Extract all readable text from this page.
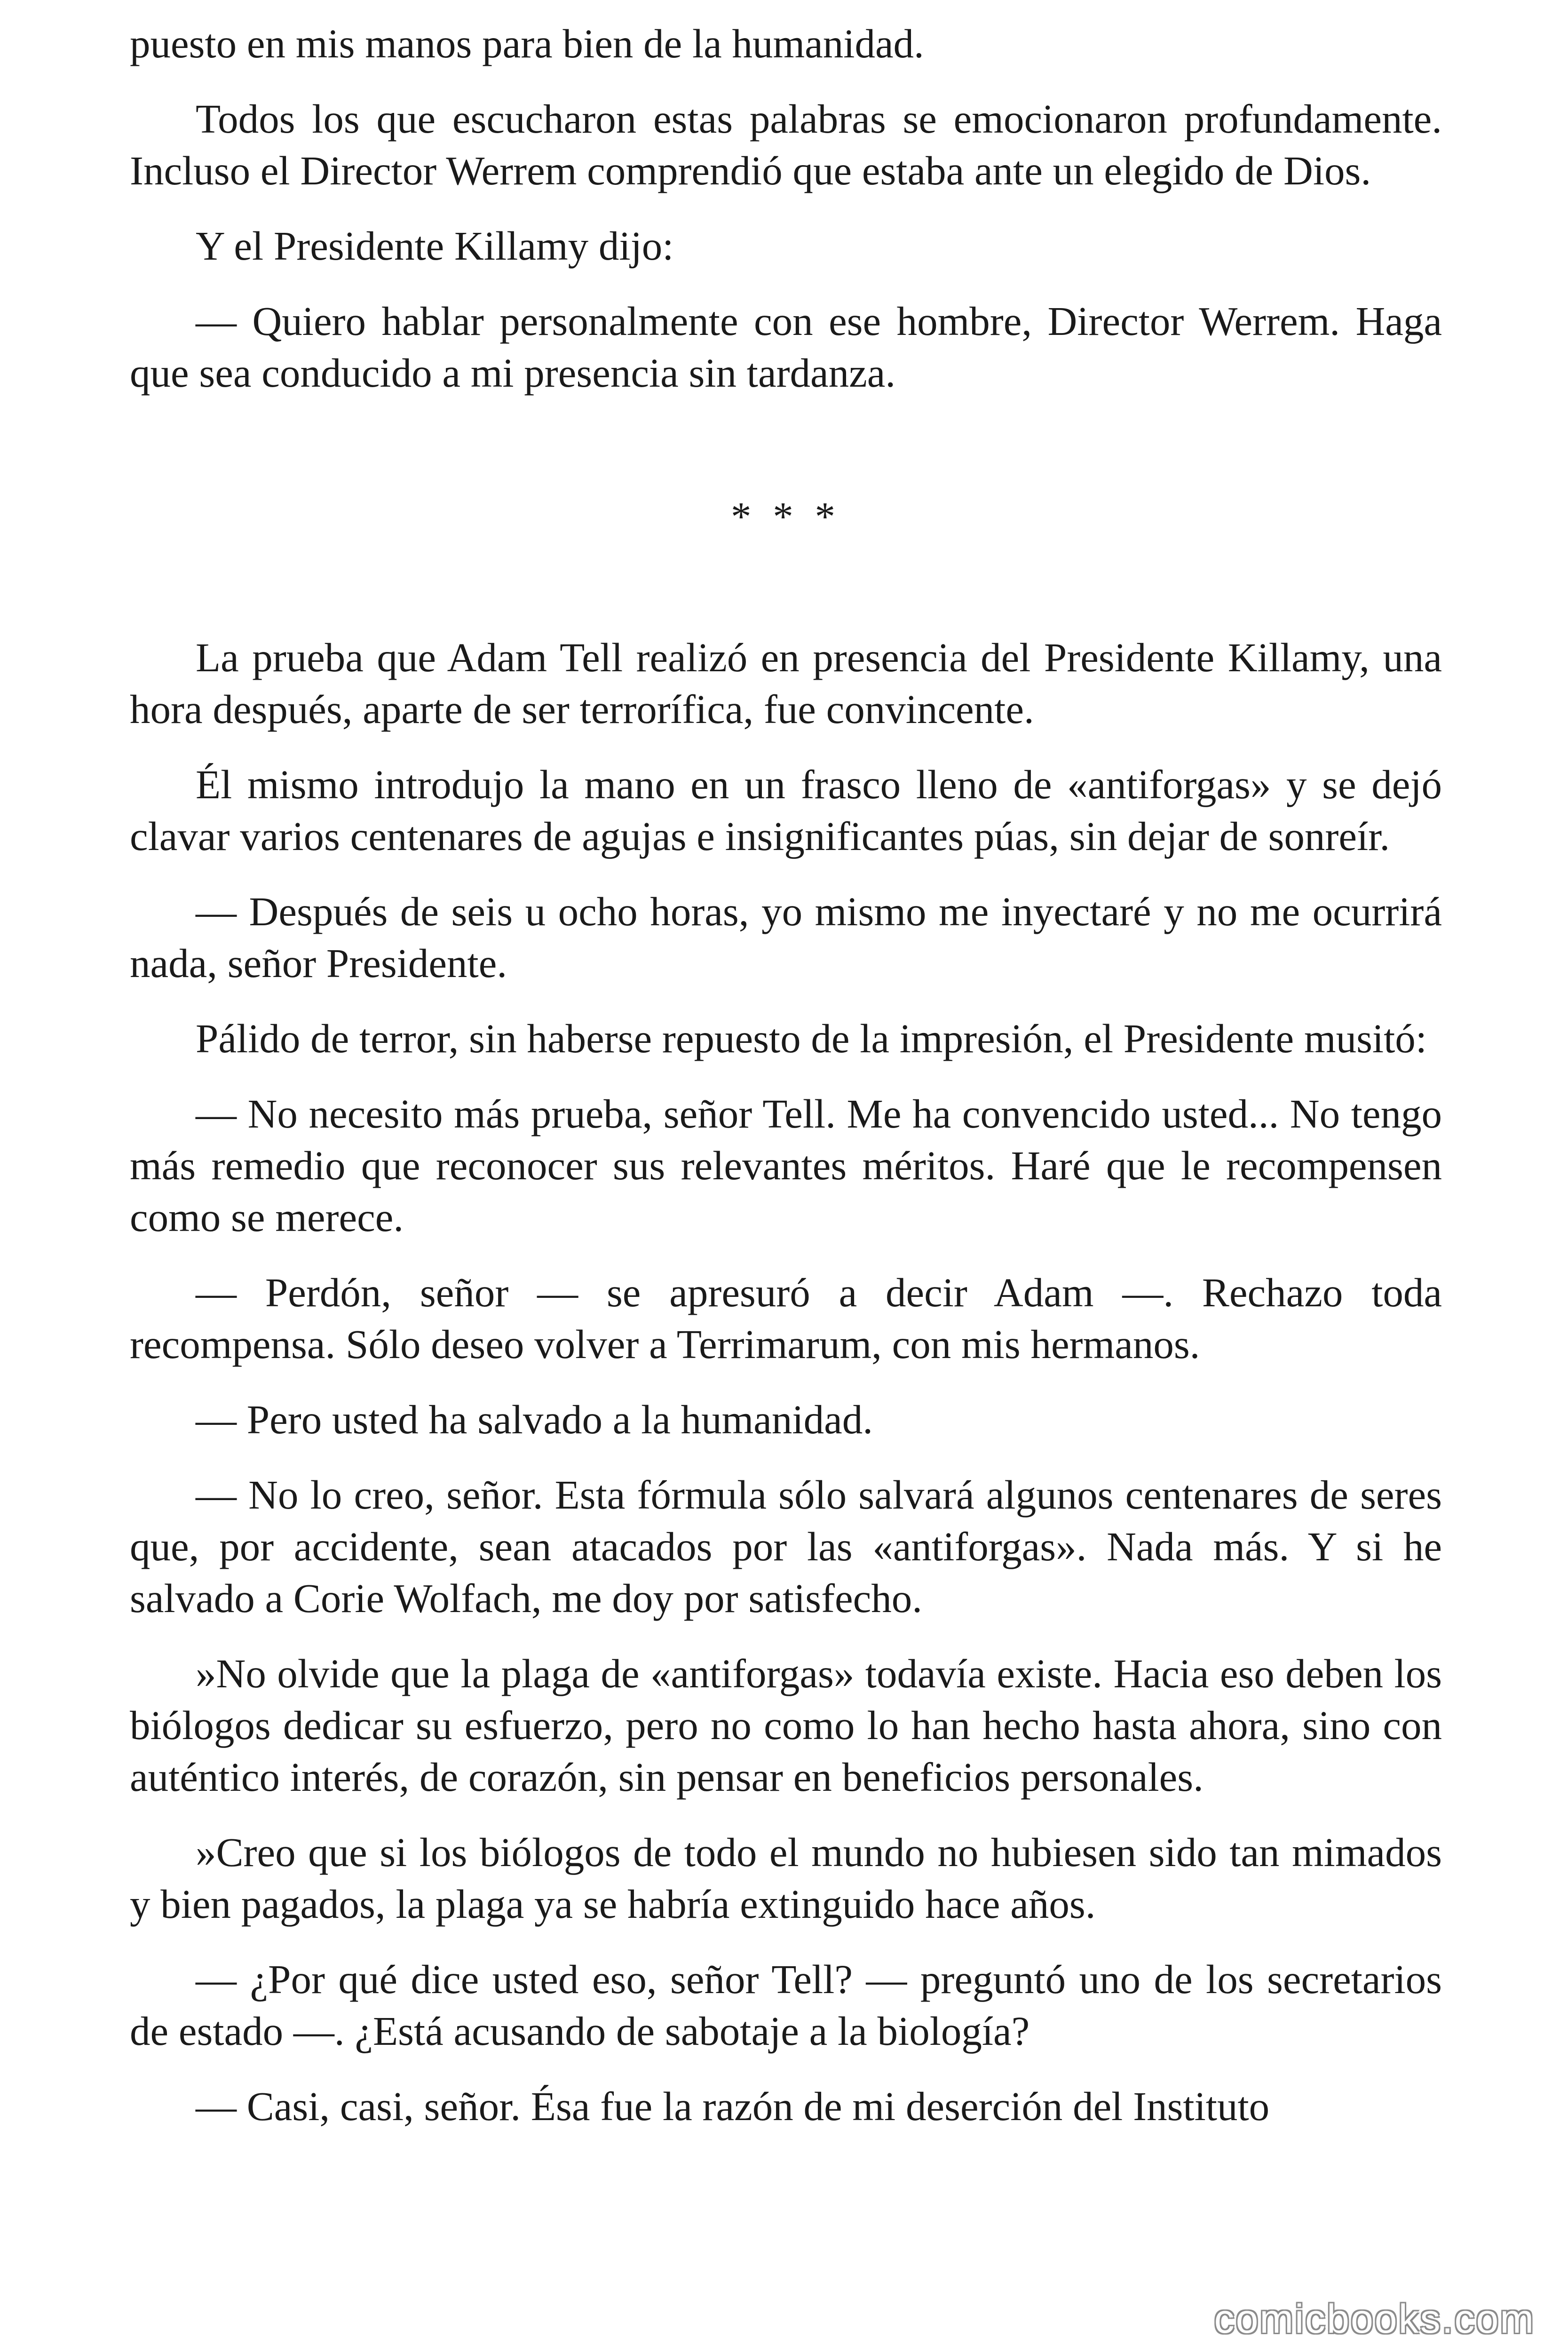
puesto en mis manos para bien de la humanidad.

Todos los que escucharon estas palabras se emocionaron profundamente. Incluso el Director Werrem comprendió que estaba ante un elegido de Dios.

Y el Presidente Killamy dijo:

— Quiero hablar personalmente con ese hombre, Director Werrem. Haga que sea conducido a mi presencia sin tardanza.

* * *

La prueba que Adam Tell realizó en presencia del Presidente Killamy, una hora después, aparte de ser terrorífica, fue convincente.

Él mismo introdujo la mano en un frasco lleno de «antiforgas» y se dejó clavar varios centenares de agujas e insignificantes púas, sin dejar de sonreír.

— Después de seis u ocho horas, yo mismo me inyectaré y no me ocurrirá nada, señor Presidente.

Pálido de terror, sin haberse repuesto de la impresión, el Presidente musitó:

— No necesito más prueba, señor Tell. Me ha convencido usted... No tengo más remedio que reconocer sus relevantes méritos. Haré que le recompensen como se merece.

— Perdón, señor — se apresuró a decir Adam —. Rechazo toda recompensa. Sólo deseo volver a Terrimarum, con mis hermanos.

— Pero usted ha salvado a la humanidad.

— No lo creo, señor. Esta fórmula sólo salvará algunos centenares de seres que, por accidente, sean atacados por las «antiforgas». Nada más. Y si he salvado a Corie Wolfach, me doy por satisfecho.

»No olvide que la plaga de «antiforgas» todavía existe. Hacia eso deben los biólogos dedicar su esfuerzo, pero no como lo han hecho hasta ahora, sino con auténtico interés, de corazón, sin pensar en beneficios personales.

»Creo que si los biólogos de todo el mundo no hubiesen sido tan mimados y bien pagados, la plaga ya se habría extinguido hace años.

— ¿Por qué dice usted eso, señor Tell? — preguntó uno de los secretarios de estado —. ¿Está acusando de sabotaje a la biología?

— Casi, casi, señor. Ésa fue la razón de mi deserción del Instituto

comicbooks.com
